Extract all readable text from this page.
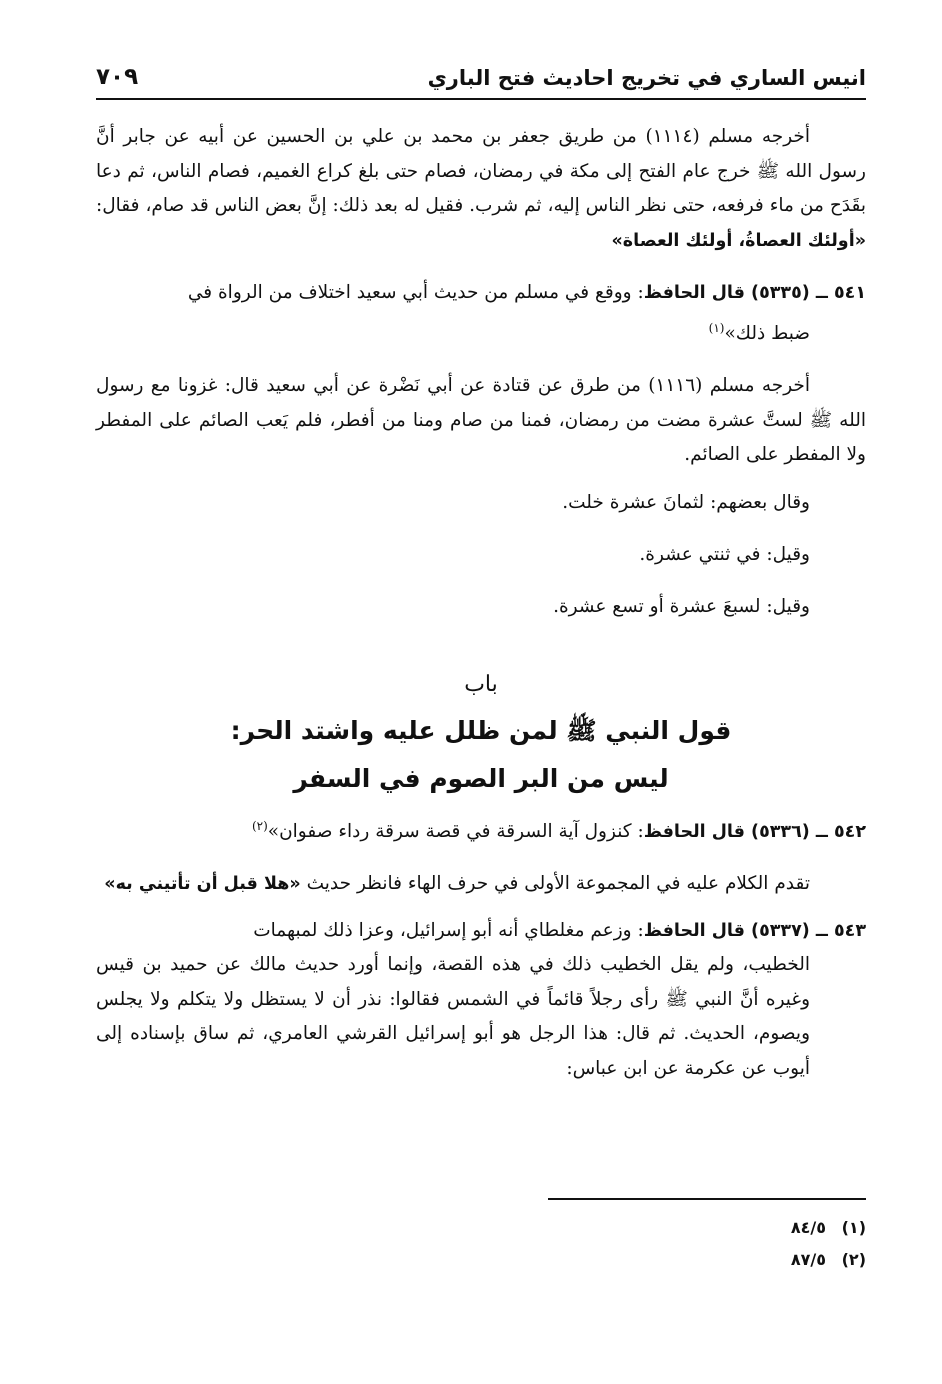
انيس الساري في تخريج احاديث فتح الباري
٧٠٩

أخرجه مسلم (١١١٤) من طريق جعفر بن محمد بن علي بن الحسين عن أبيه عن جابر أنَّ رسول الله ﷺ خرج عام الفتح إلى مكة في رمضان، فصام حتى بلغ كراع الغميم، فصام الناس، ثم دعا بقَدَح من ماء فرفعه، حتى نظر الناس إليه، ثم شرب. فقيل له بعد ذلك: إنَّ بعض الناس قد صام، فقال: «أولئك العصاةُ، أولئك العصاة»

٥٤١ ــ (٥٣٣٥) قال الحافظ: ووقع في مسلم من حديث أبي سعيد اختلاف من الرواة في

ضبط ذلك»$^{(١)}$

أخرجه مسلم (١١١٦) من طرق عن قتادة عن أبي نَضْرة عن أبي سعيد قال: غزونا مع رسول الله ﷺ لستَّ عشرة مضت من رمضان، فمنا من صام ومنا من أفطر، فلم يَعب الصائم على المفطر ولا المفطر على الصائم.

وقال بعضهم: لثمانَ عشرة خلت.

وقيل: في ثنتي عشرة.

وقيل: لسبعَ عشرة أو تسع عشرة.

باب

قول النبي ﷺ لمن ظلل عليه واشتد الحر:

ليس من البر الصوم في السفر

٥٤٢ ــ (٥٣٣٦) قال الحافظ: كنزول آية السرقة في قصة سرقة رداء صفوان»$^{(٢)}$

تقدم الكلام عليه في المجموعة الأولى في حرف الهاء فانظر حديث «هلا قبل أن تأتيني به»

٥٤٣ ــ (٥٣٣٧) قال الحافظ: وزعم مغلطاي أنه أبو إسرائيل، وعزا ذلك لمبهمات

الخطيب، ولم يقل الخطيب ذلك في هذه القصة، وإنما أورد حديث مالك عن حميد بن قيس وغيره أنَّ النبي ﷺ رأى رجلاً قائماً في الشمس فقالوا: نذر أن لا يستظل ولا يتكلم ولا يجلس ويصوم، الحديث. ثم قال: هذا الرجل هو أبو إسرائيل القرشي العامري، ثم ساق بإسناده إلى أيوب عن عكرمة عن ابن عباس:

(١)٨٤/٥
(٢)٨٧/٥
